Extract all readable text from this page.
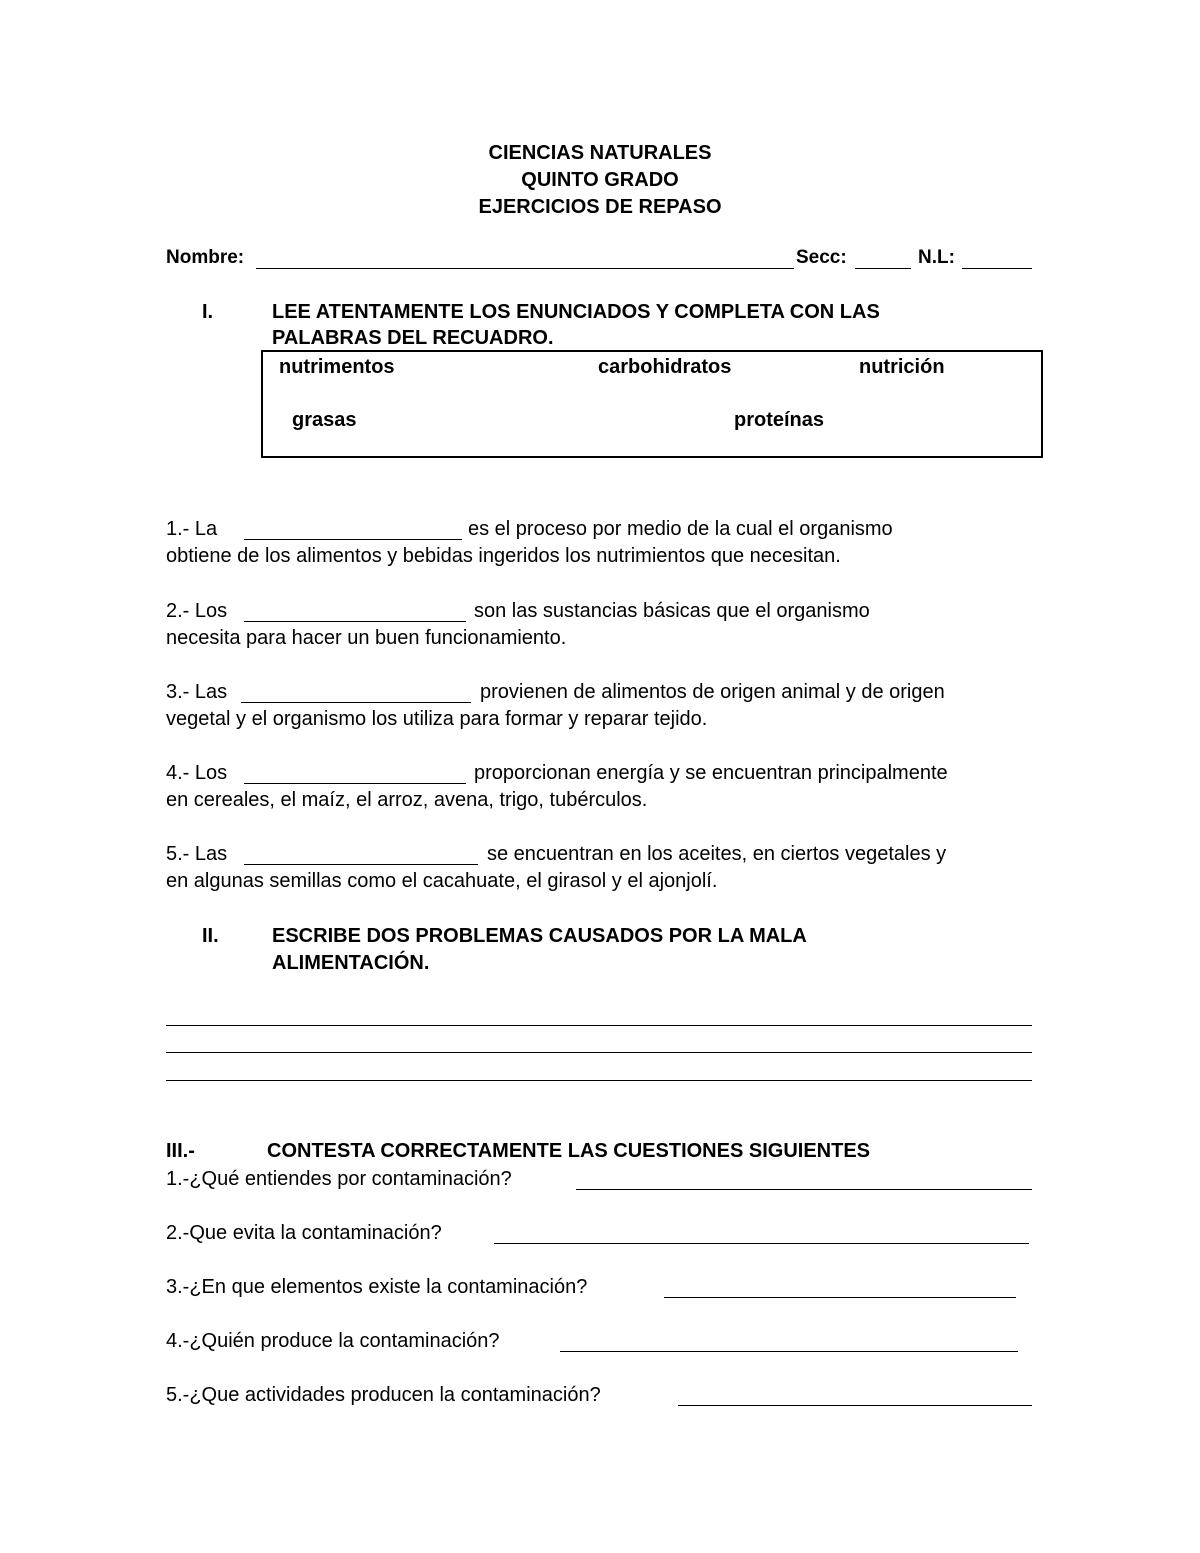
CIENCIAS NATURALES
QUINTO GRADO
EJERCICIOS DE REPASO
Nombre:	Secc:	N.L:
I.	LEE ATENTAMENTE LOS ENUNCIADOS Y COMPLETA CON LAS
PALABRAS DEL RECUADRO.
nutrimentos	carbohidratos	nutrición
grasas	proteínas
1.- La	es el proceso por medio de la cual el organismo
obtiene de los alimentos y bebidas ingeridos los nutrimientos que necesitan.
2.- Los	son las sustancias básicas que el organismo
necesita para hacer un buen funcionamiento.
3.- Las	provienen de alimentos de origen animal y de origen
vegetal y el organismo los utiliza para formar y reparar tejido.
4.- Los	proporcionan energía y se encuentran principalmente
en cereales, el maíz, el arroz, avena, trigo, tubérculos.
5.- Las	se encuentran en los aceites, en ciertos vegetales y
en algunas semillas como el cacahuate, el girasol y el ajonjolí.
II.	ESCRIBE DOS PROBLEMAS CAUSADOS POR LA MALA
ALIMENTACIÓN.
III.-	CONTESTA CORRECTAMENTE LAS CUESTIONES SIGUIENTES
1.-¿Qué entiendes por contaminación?
2.-Que evita la contaminación?
3.-¿En que elementos existe la contaminación?
4.-¿Quién produce la contaminación?
5.-¿Que actividades producen la contaminación?
